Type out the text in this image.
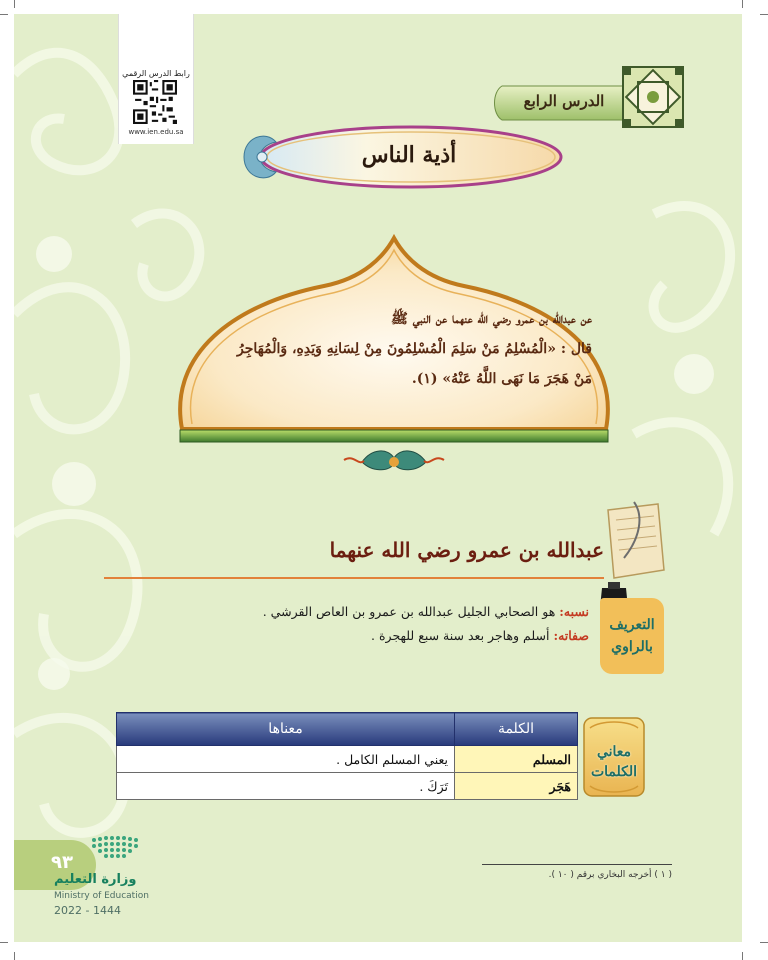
رابط الدرس الرقمي
www.ien.edu.sa
الدرس الرابع
أذية الناس
عن عبدالله بن عمرو رضي الله عنهما عن النبي ﷺ
قال : «الْمُسْلِمُ مَنْ سَلِمَ الْمُسْلِمُونَ مِنْ لِسَانِهِ وَيَدِهِ، وَالْمُهَاجِرُ
مَنْ هَجَرَ مَا نَهَى اللَّهُ عَنْهُ» (١).
عبدالله بن عمرو رضي الله عنهما
التعريف
بالراوي
نسبه: هو الصحابي الجليل عبدالله بن عمرو بن العاص القرشي .
صفاته: أسلم وهاجر بعد سنة سبع للهجرة .
معاني
الكلمات
الكلمة	معناها
المسلم	يعني المسلم الكامل .
هَجَر	تَرَكَ .
( ١ ) أخرجه البخاري برقم ( ١٠ ).
٩٣
وزارة التعليم
Ministry of Education
2022 - 1444
